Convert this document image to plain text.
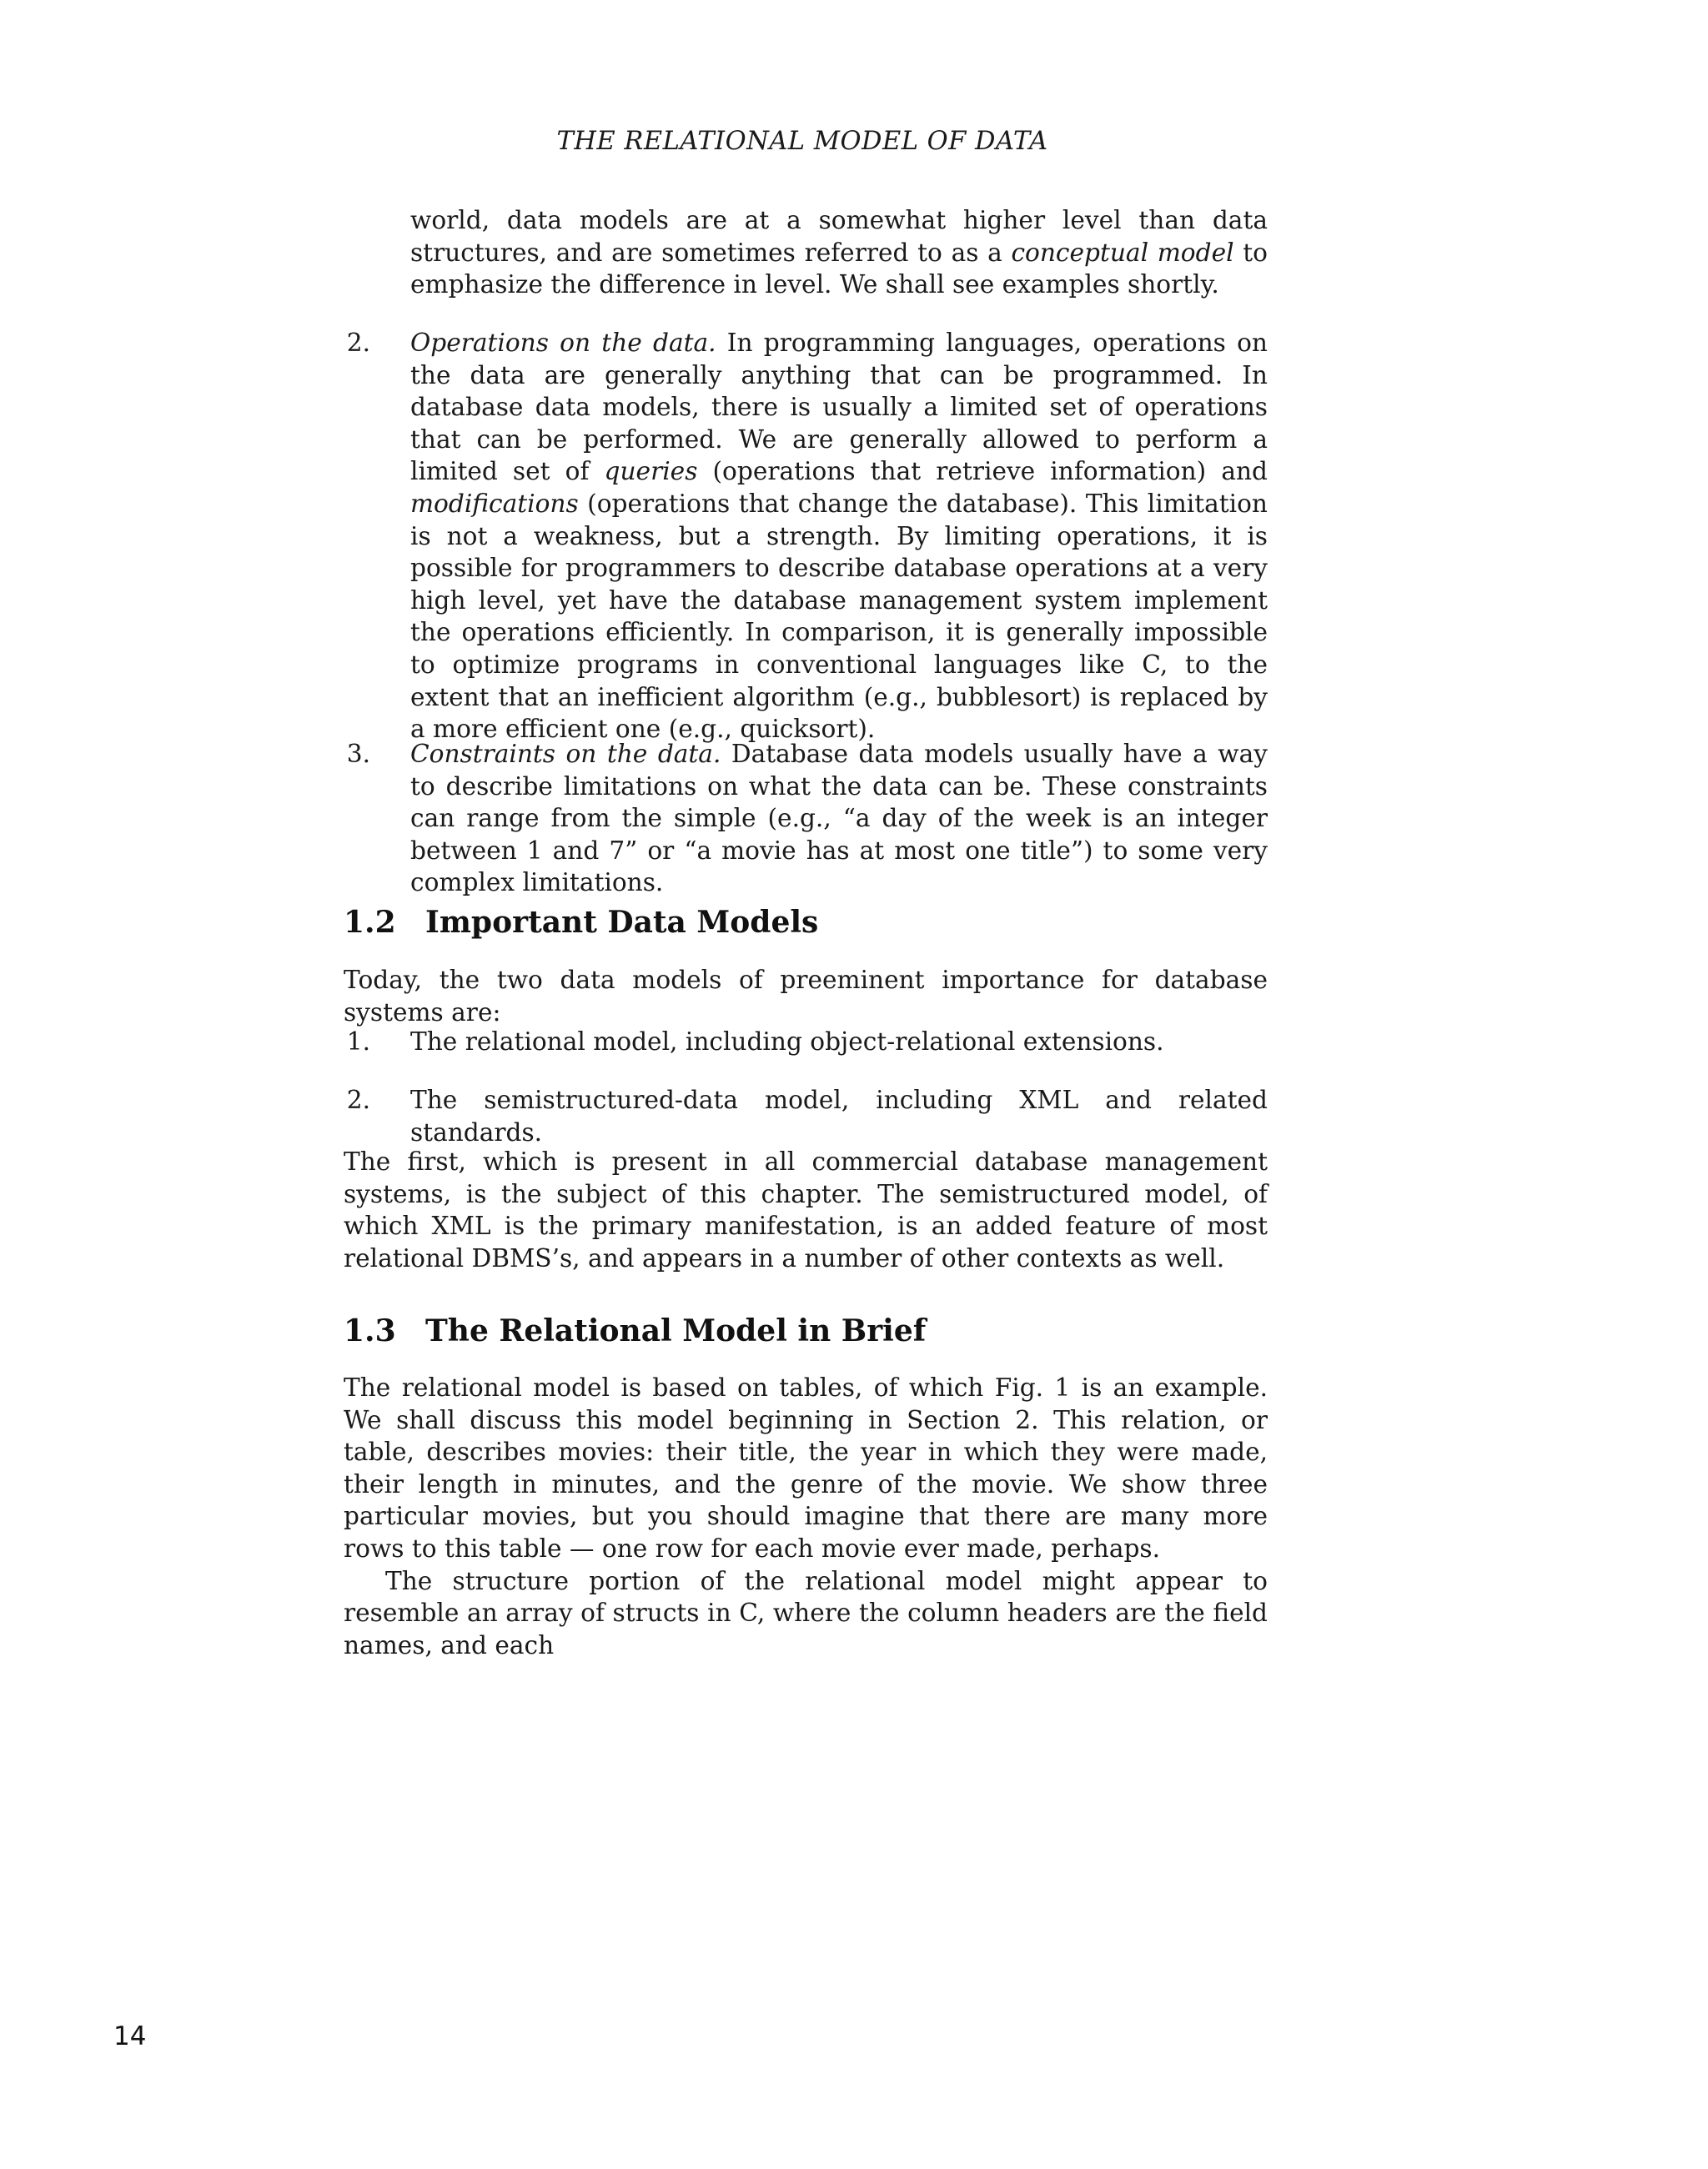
THE RELATIONAL MODEL OF DATA
world, data models are at a somewhat higher level than data structures, and are sometimes referred to as a conceptual model to emphasize the difference in level. We shall see examples shortly.
2. Operations on the data. In programming languages, operations on the data are generally anything that can be programmed. In database data models, there is usually a limited set of operations that can be performed. We are generally allowed to perform a limited set of queries (operations that retrieve information) and modifications (operations that change the database). This limitation is not a weakness, but a strength. By limiting operations, it is possible for programmers to describe database operations at a very high level, yet have the database management system implement the operations efficiently. In comparison, it is generally impossible to optimize programs in conventional languages like C, to the extent that an inefficient algorithm (e.g., bubblesort) is replaced by a more efficient one (e.g., quicksort).
3. Constraints on the data. Database data models usually have a way to describe limitations on what the data can be. These constraints can range from the simple (e.g., “a day of the week is an integer between 1 and 7” or “a movie has at most one title”) to some very complex limitations.
1.2 Important Data Models

Today, the two data models of preeminent importance for database systems are:

1. The relational model, including object-relational extensions.
2. The semistructured-data model, including XML and related standards.

The first, which is present in all commercial database management systems, is the subject of this chapter. The semistructured model, of which XML is the primary manifestation, is an added feature of most relational DBMS’s, and appears in a number of other contexts as well.

1.3 The Relational Model in Brief

The relational model is based on tables, of which Fig. 1 is an example. We shall discuss this model beginning in Section 2. This relation, or table, describes movies: their title, the year in which they were made, their length in minutes, and the genre of the movie. We show three particular movies, but you should imagine that there are many more rows to this table — one row for each movie ever made, perhaps.

The structure portion of the relational model might appear to resemble an array of structs in C, where the column headers are the field names, and each

14
